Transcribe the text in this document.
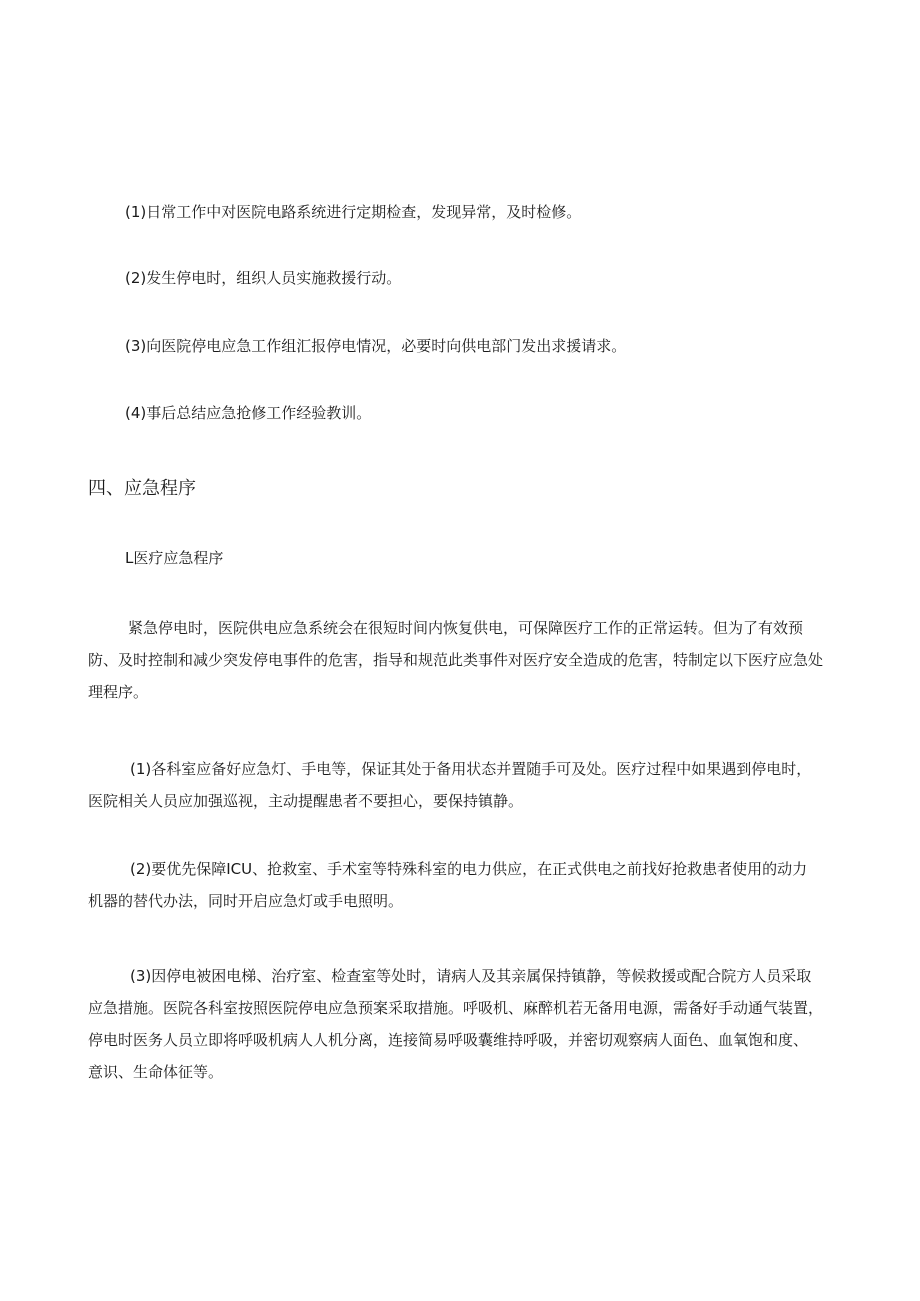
(1)日常工作中对医院电路系统进行定期检查，发现异常，及时检修。
(2)发生停电时，组织人员实施救援行动。
(3)向医院停电应急工作组汇报停电情况，必要时向供电部门发出求援请求。
(4)事后总结应急抢修工作经验教训。
四、应急程序
L医疗应急程序
紧急停电时，医院供电应急系统会在很短时间内恢复供电，可保障医疗工作的正常运转。但为了有效预
防、及时控制和减少突发停电事件的危害，指导和规范此类事件对医疗安全造成的危害，特制定以下医疗应急处
理程序。
(1)各科室应备好应急灯、手电等，保证其处于备用状态并置随手可及处。医疗过程中如果遇到停电时，
医院相关人员应加强巡视，主动提醒患者不要担心，要保持镇静。
(2)要优先保障ICU、抢救室、手术室等特殊科室的电力供应，在正式供电之前找好抢救患者使用的动力
机器的替代办法，同时开启应急灯或手电照明。
(3)因停电被困电梯、治疗室、检查室等处时，请病人及其亲属保持镇静，等候救援或配合院方人员采取
应急措施。医院各科室按照医院停电应急预案采取措施。呼吸机、麻醉机若无备用电源，需备好手动通气装置，
停电时医务人员立即将呼吸机病人人机分离，连接简易呼吸囊维持呼吸，并密切观察病人面色、血氧饱和度、
意识、生命体征等。
